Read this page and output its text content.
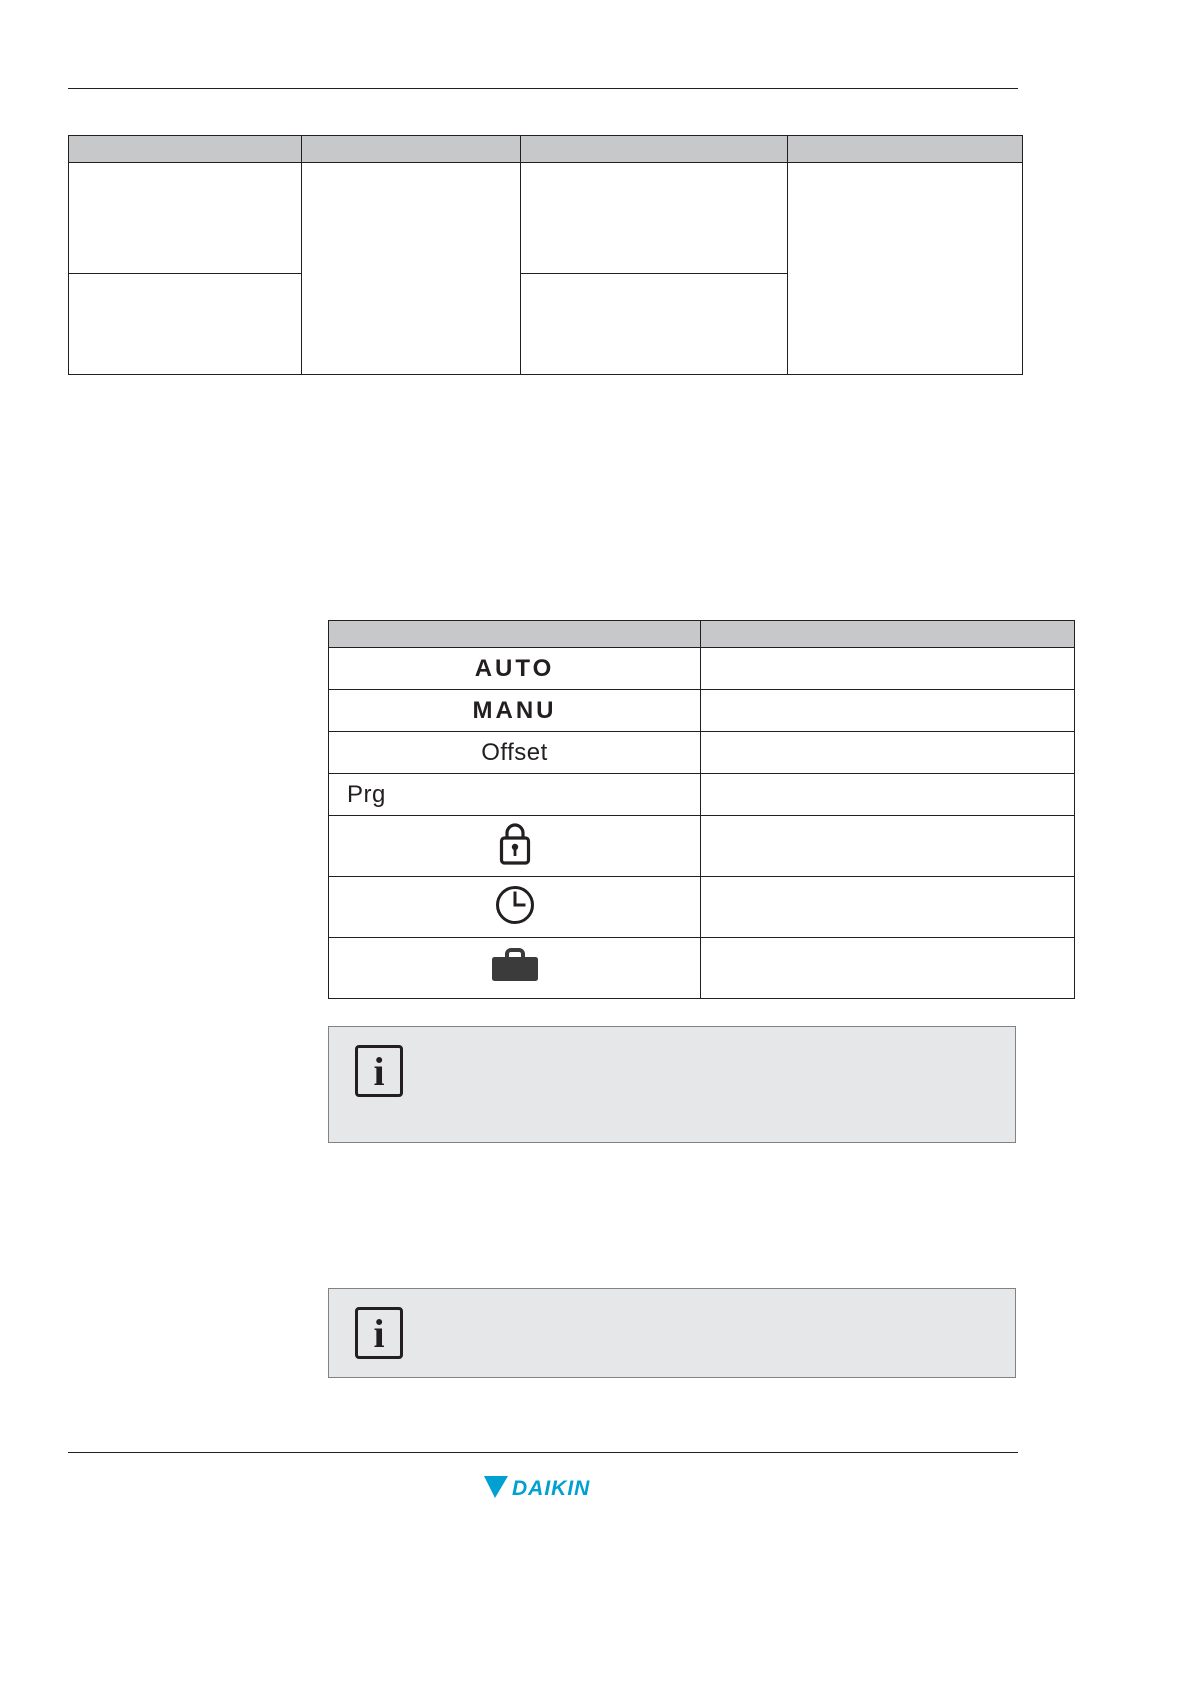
AUTO	
MANU	
Offset	

Prg	

i
i
DAIKIN
